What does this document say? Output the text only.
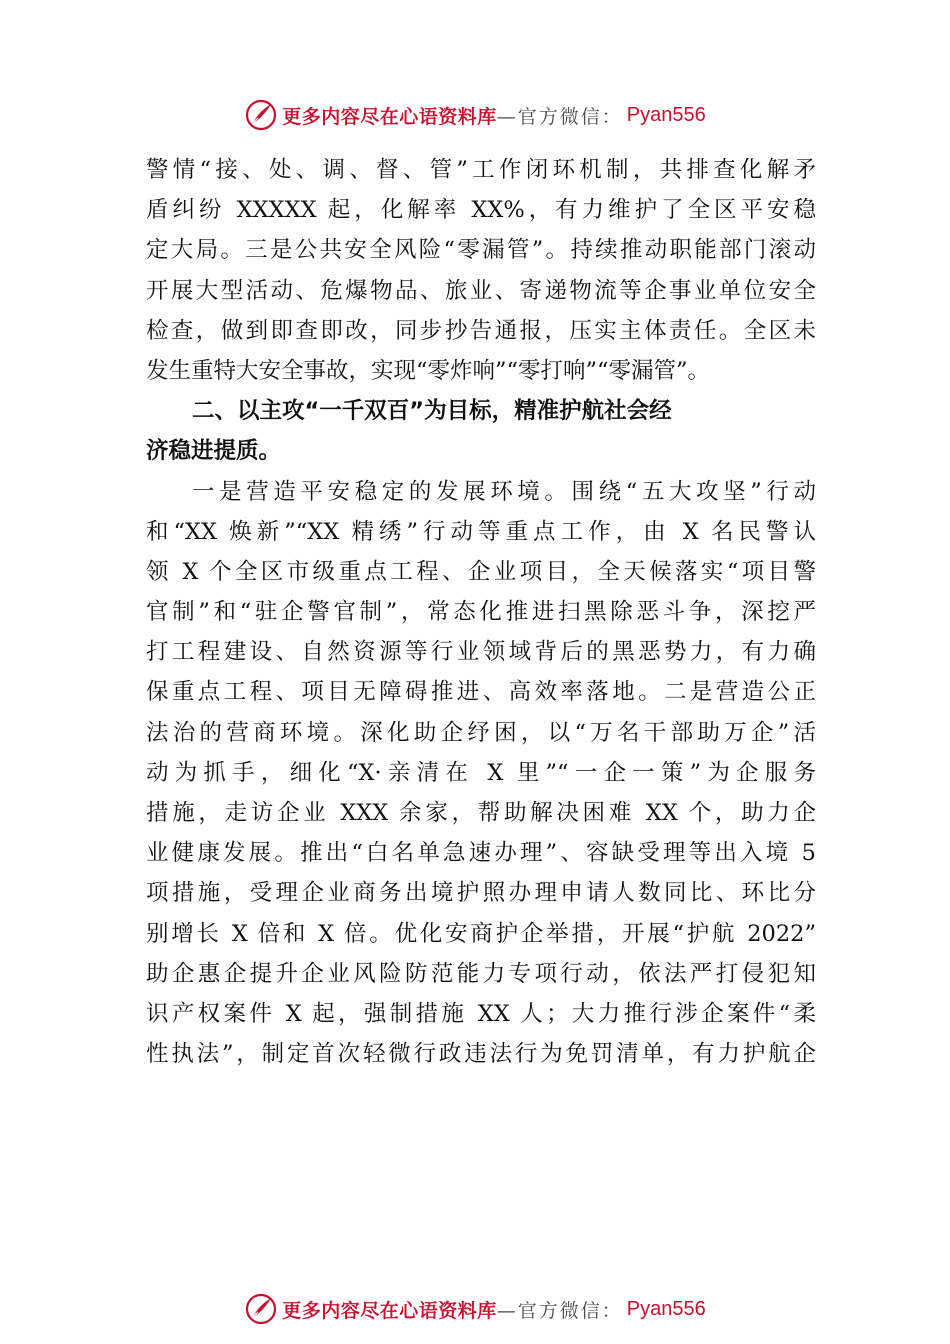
更多内容尽在心语资料库 —官方微信： Pyan556
警情“接、处、调、督、管”工作闭环机制，共排查化解矛
盾纠纷 XXXXX 起，化解率 XX%，有力维护了全区平安稳
定大局。三是公共安全风险“零漏管”。持续推动职能部门滚动
开展大型活动、危爆物品、旅业、寄递物流等企事业单位安全
检查，做到即查即改，同步抄告通报，压实主体责任。全区未
发生重特大安全事故，实现“零炸响”“零打响”“零漏管”。
二、以主攻“一千双百”为目标，精准护航社会经
济稳进提质。
一是营造平安稳定的发展环境。围绕“五大攻坚”行动
和“XX 焕新”“XX 精绣”行动等重点工作，由 X 名民警认
领 X 个全区市级重点工程、企业项目，全天候落实“项目警
官制”和“驻企警官制”，常态化推进扫黑除恶斗争，深挖严
打工程建设、自然资源等行业领域背后的黑恶势力，有力确
保重点工程、项目无障碍推进、高效率落地。二是营造公正
法治的营商环境。深化助企纾困，以“万名干部助万企”活
动为抓手，细化“X·亲清在 X 里”“一企一策”为企服务
措施，走访企业 XXX 余家，帮助解决困难 XX 个，助力企
业健康发展。推出“白名单急速办理”、容缺受理等出入境 5
项措施，受理企业商务出境护照办理申请人数同比、环比分
别增长 X 倍和 X 倍。优化安商护企举措，开展“护航 2022”
助企惠企提升企业风险防范能力专项行动，依法严打侵犯知
识产权案件 X 起，强制措施 XX 人；大力推行涉企案件“柔
性执法”，制定首次轻微行政违法行为免罚清单，有力护航企
更多内容尽在心语资料库 —官方微信： Pyan556
